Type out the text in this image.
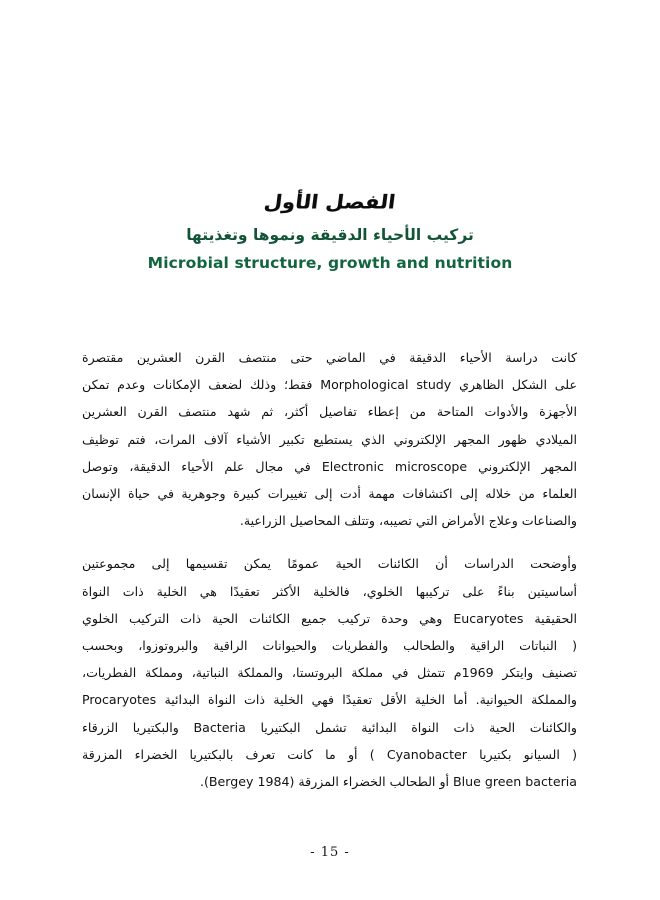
الفصل الأول
تركيب الأحياء الدقيقة ونموها وتغذيتها
Microbial structure, growth and nutrition

كانت دراسة الأحياء الدقيقة في الماضي حتى منتصف القرن العشرين مقتصرة
على الشكل الظاهري Morphological study فقط؛ وذلك لضعف الإمكانات وعدم تمكن
الأجهزة والأدوات المتاحة من إعطاء تفاصيل أكثر، ثم شهد منتصف القرن العشرين
الميلادي ظهور المجهر الإلكتروني الذي يستطيع تكبير الأشياء آلاف المرات، فتم توظيف
المجهر الإلكتروني Electronic microscope في مجال علم الأحياء الدقيقة، وتوصل
العلماء من خلاله إلى اكتشافات مهمة أدت إلى تغييرات كبيرة وجوهرية في حياة الإنسان
والصناعات وعلاج الأمراض التي تصيبه، وتتلف المحاصيل الزراعية.

وأوضحت الدراسات أن الكائنات الحية عمومًا يمكن تقسيمها إلى مجموعتين
أساسيتين بناءً على تركيبها الخلوي، فالخلية الأكثر تعقيدًا هي الخلية ذات النواة
الحقيقية Eucaryotes وهي وحدة تركيب جميع الكائنات الحية ذات التركيب الخلوي
( النباتات الراقية والطحالب والفطريات والحيوانات الراقية والبروتوزوا، وبحسب
تصنيف وايتكر 1969م تتمثل في مملكة البروتستا، والمملكة النباتية، ومملكة الفطريات،
والمملكة الحيوانية. أما الخلية الأقل تعقيدًا فهي الخلية ذات النواة البدائية Procaryotes
والكائنات الحية ذات النواة البدائية تشمل البكتيريا Bacteria والبكتيريا الزرقاء
( السيانو بكتيريا Cyanobacter ) أو ما كانت تعرف بالبكتيريا الخضراء المزرقة
Blue green bacteria أو الطحالب الخضراء المزرقة (Bergey 1984).

- 15 -
